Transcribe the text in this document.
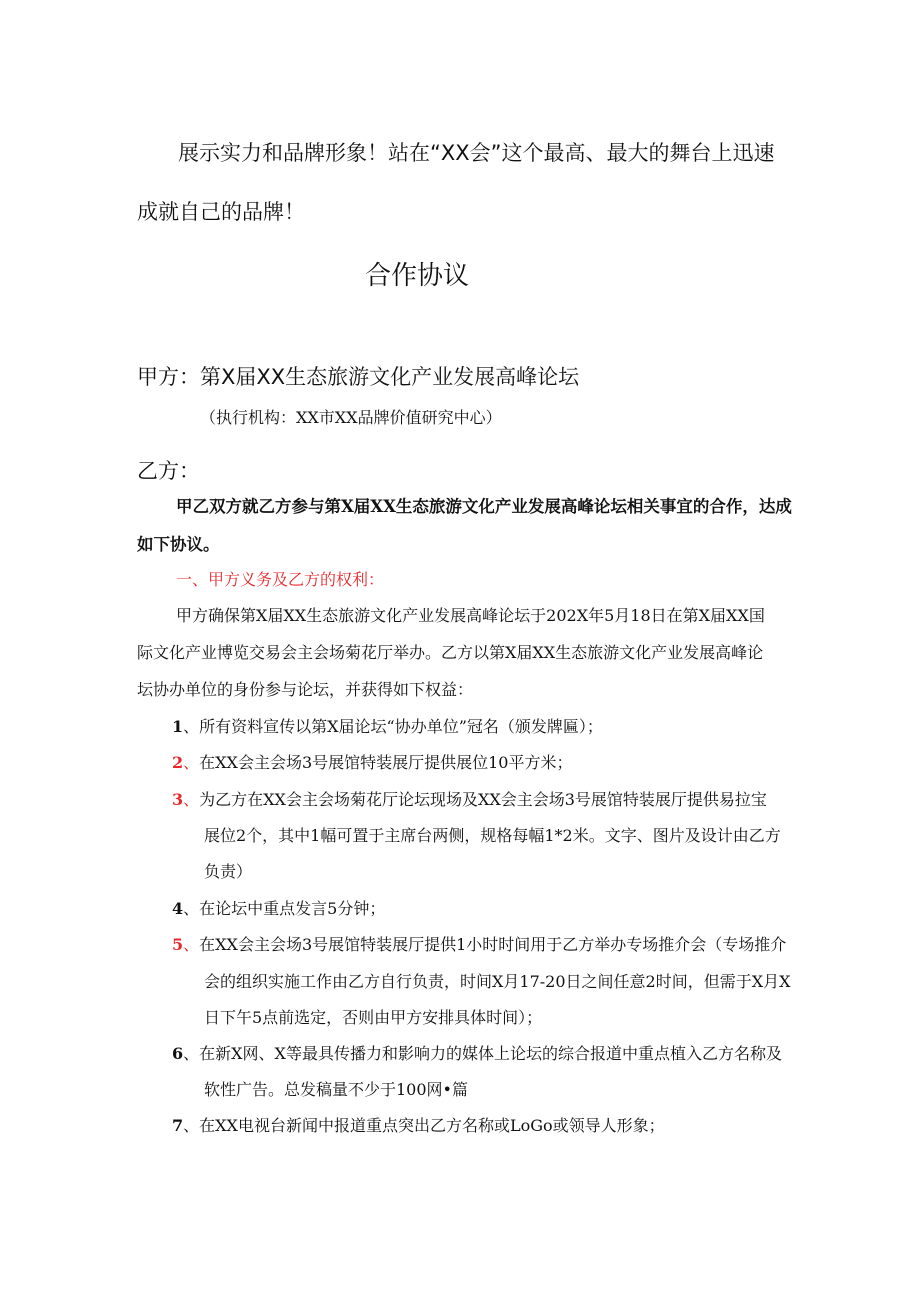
展示实力和品牌形象！站在“XX会”这个最高、最大的舞台上迅速
成就自己的品牌！
合作协议
甲方：第X届XX生态旅游文化产业发展高峰论坛
（执行机构：XX市XX品牌价值研究中心）
乙方：
甲乙双方就乙方参与第X届XX生态旅游文化产业发展高峰论坛相关事宜的合作，达成
如下协议。
一、甲方义务及乙方的权利：
甲方确保第X届XX生态旅游文化产业发展高峰论坛于202X年5月18日在第X届XX国
际文化产业博览交易会主会场菊花厅举办。乙方以第X届XX生态旅游文化产业发展高峰论
坛协办单位的身份参与论坛，并获得如下权益：
1、所有资料宣传以第X届论坛“协办单位”冠名（颁发牌匾）；
2、在XX会主会场3号展馆特装展厅提供展位10平方米；
3、为乙方在XX会主会场菊花厅论坛现场及XX会主会场3号展馆特装展厅提供易拉宝
展位2个，其中1幅可置于主席台两侧，规格每幅1*2米。文字、图片及设计由乙方
负责）
4、在论坛中重点发言5分钟；
5、在XX会主会场3号展馆特装展厅提供1小时时间用于乙方举办专场推介会（专场推介
会的组织实施工作由乙方自行负责，时间X月17-20日之间任意2时间，但需于X月X
日下午5点前选定，否则由甲方安排具体时间）；
6、在新X网、X等最具传播力和影响力的媒体上论坛的综合报道中重点植入乙方名称及
软性广告。总发稿量不少于100网•篇
7、在XX电视台新闻中报道重点突出乙方名称或LoGo或领导人形象；
